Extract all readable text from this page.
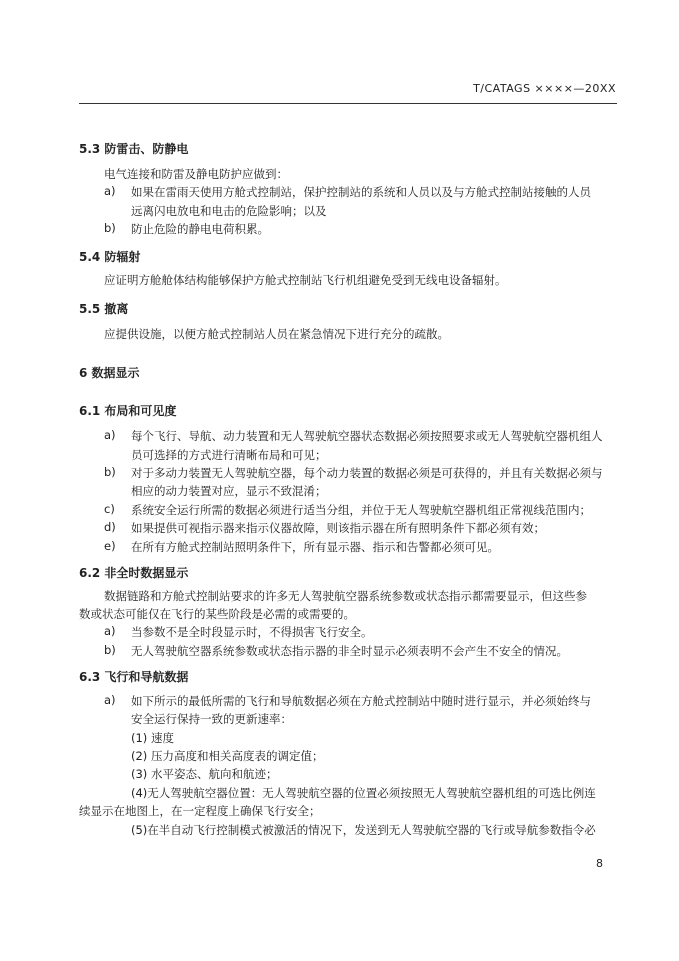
T/CATAGS ××××—20XX
5.3 防雷击、防静电
电气连接和防雷及静电防护应做到：
a) 如果在雷雨天使用方舱式控制站，保护控制站的系统和人员以及与方舱式控制站接触的人员
远离闪电放电和电击的危险影响；以及
b) 防止危险的静电电荷积累。
5.4 防辐射
应证明方舱舱体结构能够保护方舱式控制站飞行机组避免受到无线电设备辐射。
5.5 撤离
应提供设施，以便方舱式控制站人员在紧急情况下进行充分的疏散。
6 数据显示
6.1 布局和可见度
a) 每个飞行、导航、动力装置和无人驾驶航空器状态数据必须按照要求或无人驾驶航空器机组人
员可选择的方式进行清晰布局和可见；
b) 对于多动力装置无人驾驶航空器，每个动力装置的数据必须是可获得的，并且有关数据必须与
相应的动力装置对应，显示不致混淆；
c) 系统安全运行所需的数据必须进行适当分组，并位于无人驾驶航空器机组正常视线范围内；
d) 如果提供可视指示器来指示仪器故障，则该指示器在所有照明条件下都必须有效；
e) 在所有方舱式控制站照明条件下，所有显示器、指示和告警都必须可见。
6.2 非全时数据显示
数据链路和方舱式控制站要求的许多无人驾驶航空器系统参数或状态指示都需要显示，但这些参
数或状态可能仅在飞行的某些阶段是必需的或需要的。
a) 当参数不是全时段显示时，不得损害飞行安全。
b) 无人驾驶航空器系统参数或状态指示器的非全时显示必须表明不会产生不安全的情况。
6.3 飞行和导航数据
a) 如下所示的最低所需的飞行和导航数据必须在方舱式控制站中随时进行显示，并必须始终与
安全运行保持一致的更新速率：
(1) 速度
(2) 压力高度和相关高度表的调定值；
(3) 水平姿态、航向和航迹；
(4)无人驾驶航空器位置：无人驾驶航空器的位置必须按照无人驾驶航空器机组的可选比例连
续显示在地图上，在一定程度上确保飞行安全；
(5)在半自动飞行控制模式被激活的情况下，发送到无人驾驶航空器的飞行或导航参数指令必
8
